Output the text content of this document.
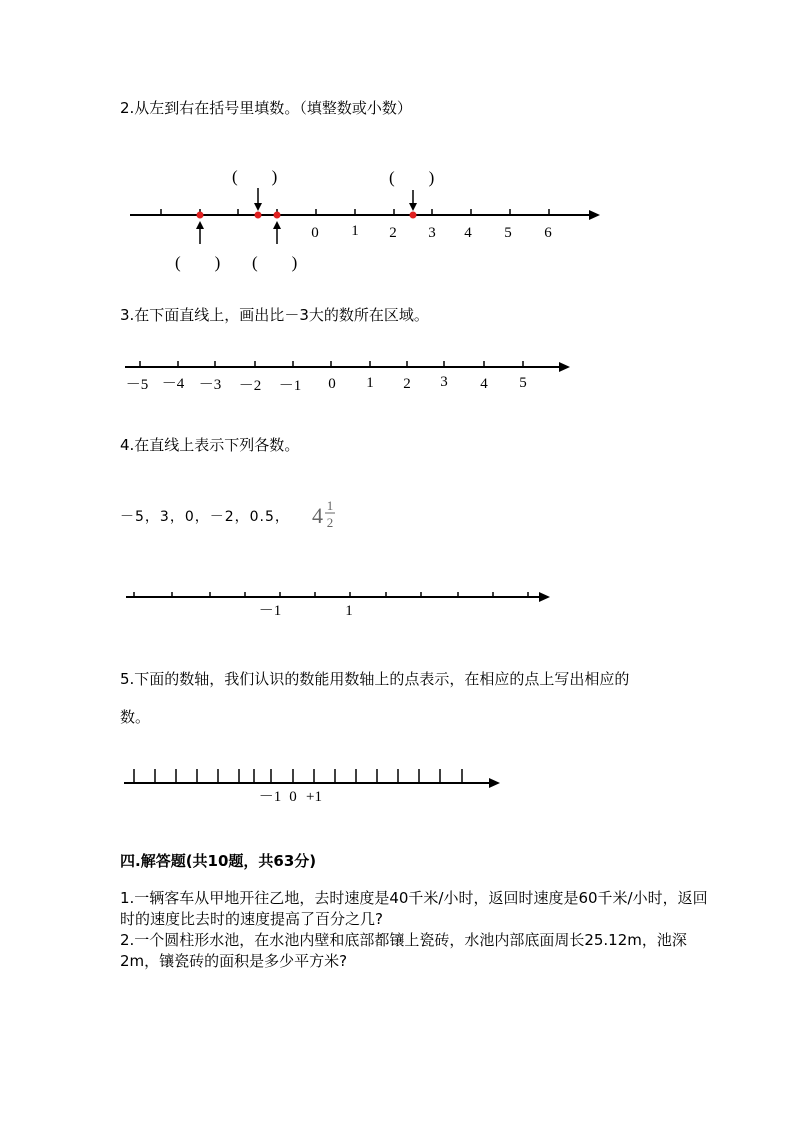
2.从左到右在括号里填数。（填整数或小数）
0 1 2 3 4 5 6
(        )	(        )
(        ) (        )
－5 －4 －3 －2 －1 0 1 2 3 4 5
4 1
2
－1	1
－1 0 +1
3.在下面直线上，画出比－3大的数所在区域。
4.在直线上表示下列各数。
－5，3，0，－2，0.5，
5.下面的数轴，我们认识的数能用数轴上的点表示，在相应的点上写出相应的
数。
四.解答题(共10题，共63分)
1.一辆客车从甲地开往乙地，去时速度是40千米/小时，返回时速度是60千米/小时，返回时的速度比去时的速度提高了百分之几?
2.一个圆柱形水池，在水池内壁和底部都镶上瓷砖，水池内部底面周长25.12m，池深2m，镶瓷砖的面积是多少平方米?
